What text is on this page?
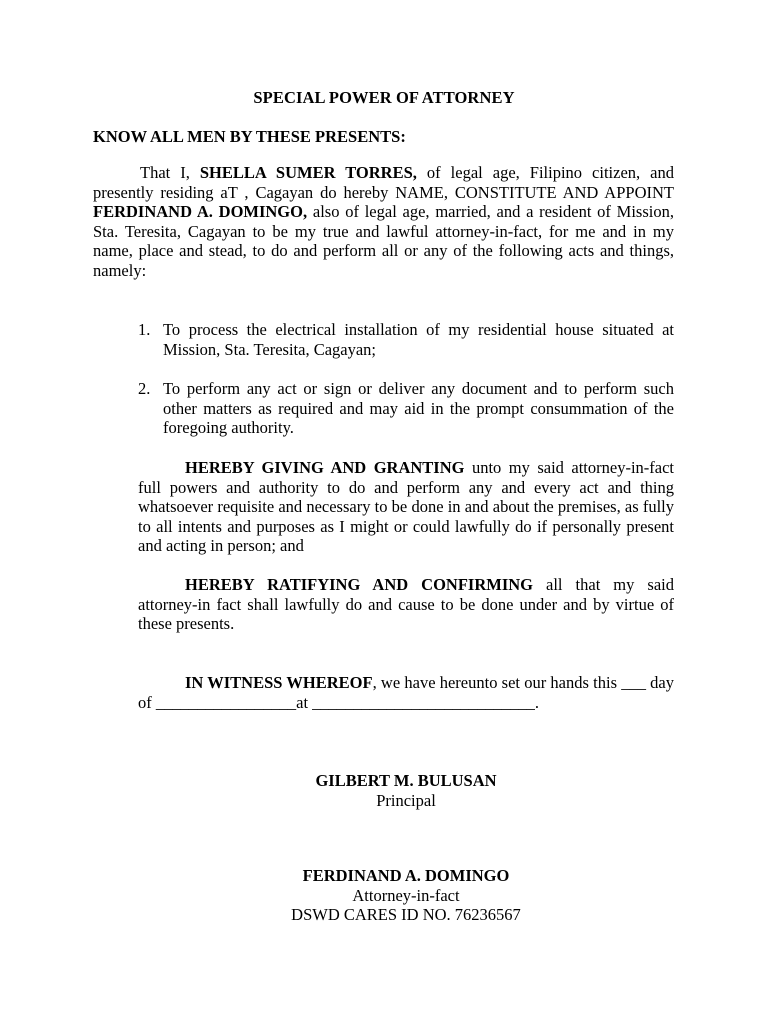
SPECIAL POWER OF ATTORNEY
KNOW ALL MEN BY THESE PRESENTS:
That I, SHELLA SUMER TORRES, of legal age, Filipino citizen, and presently residing aT , Cagayan do hereby NAME, CONSTITUTE AND APPOINT FERDINAND A. DOMINGO, also of legal age, married, and a resident of Mission, Sta. Teresita, Cagayan to be my true and lawful attorney-in-fact, for me and in my name, place and stead, to do and perform all or any of the following acts and things, namely:
1. To process the electrical installation of my residential house situated at Mission, Sta. Teresita, Cagayan;
2. To perform any act or sign or deliver any document and to perform such other matters as required and may aid in the prompt consummation of the foregoing authority.
HEREBY GIVING AND GRANTING unto my said attorney-in-fact full powers and authority to do and perform any and every act and thing whatsoever requisite and necessary to be done in and about the premises, as fully to all intents and purposes as I might or could lawfully do if personally present and acting in person; and
HEREBY RATIFYING AND CONFIRMING all that my said attorney-in fact shall lawfully do and cause to be done under and by virtue of these presents.
IN WITNESS WHEREOF, we have hereunto set our hands this ___ day of _________________at ___________________________.
GILBERT M. BULUSAN
Principal
FERDINAND A. DOMINGO
Attorney-in-fact
DSWD CARES ID NO. 76236567
